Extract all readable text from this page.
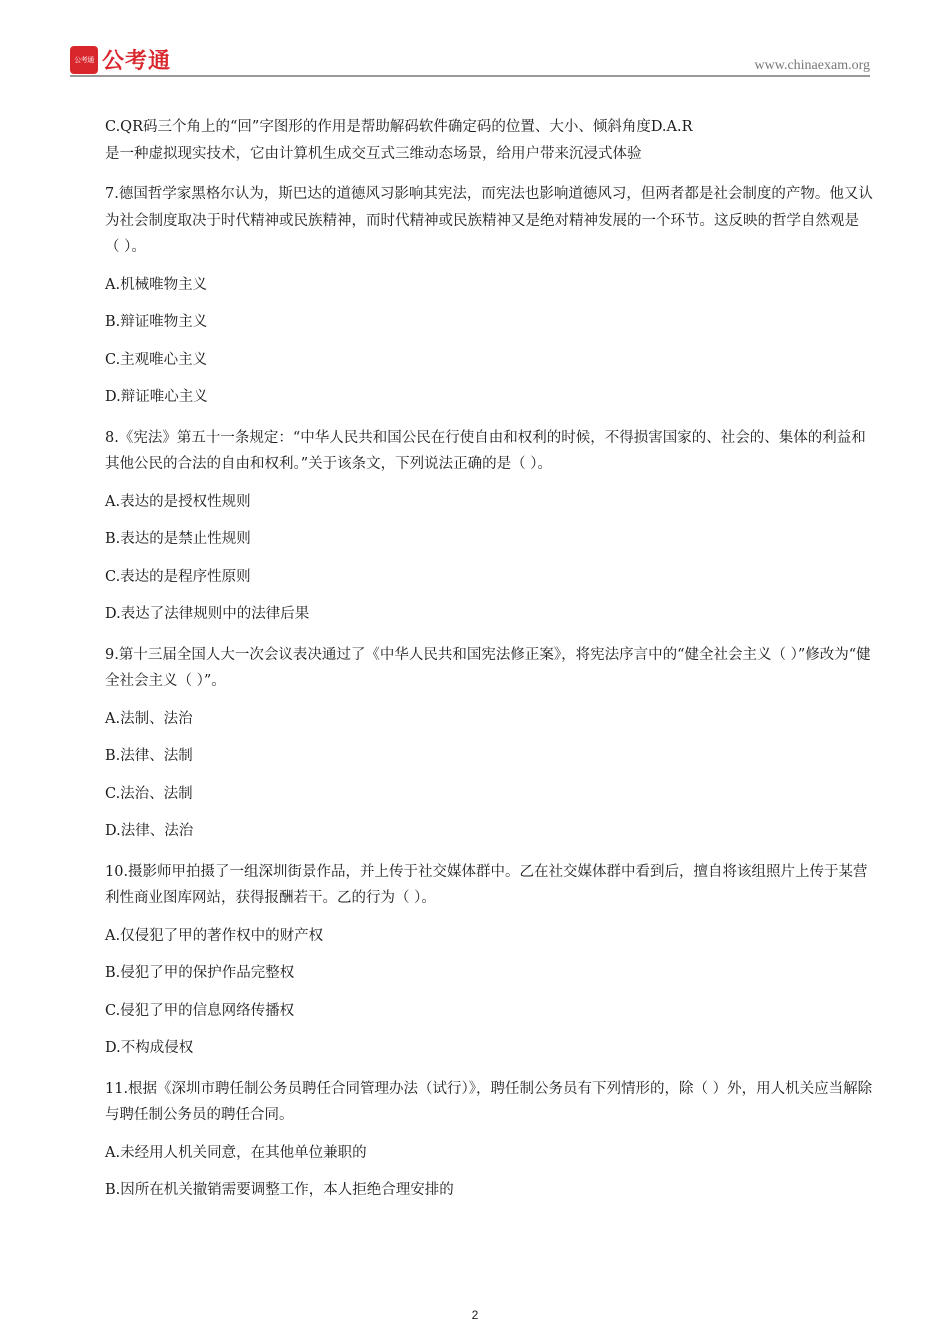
公考通 公考通	www.chinaexam.org

C.QR码三个角上的“回”字图形的作用是帮助解码软件确定码的位置、大小、倾斜角度D.A.R

是一种虚拟现实技术，它由计算机生成交互式三维动态场景，给用户带来沉浸式体验

7.德国哲学家黑格尔认为，斯巴达的道德风习影响其宪法，而宪法也影响道德风习，但两者都是社会制度的产物。他又认为社会制度取决于时代精神或民族精神，而时代精神或民族精神又是绝对精神发展的一个环节。这反映的哲学自然观是（ ）。

A.机械唯物主义

B.辩证唯物主义

C.主观唯心主义

D.辩证唯心主义

8.《宪法》第五十一条规定：“中华人民共和国公民在行使自由和权利的时候，不得损害国家的、社会的、集体的利益和其他公民的合法的自由和权利。”关于该条文，下列说法正确的是（ ）。

A.表达的是授权性规则

B.表达的是禁止性规则

C.表达的是程序性原则

D.表达了法律规则中的法律后果

9.第十三届全国人大一次会议表决通过了《中华人民共和国宪法修正案》，将宪法序言中的“健全社会主义（ ）”修改为“健全社会主义（ ）”。

A.法制、法治

B.法律、法制

C.法治、法制

D.法律、法治

10.摄影师甲拍摄了一组深圳街景作品，并上传于社交媒体群中。乙在社交媒体群中看到后，擅自将该组照片上传于某营利性商业图库网站，获得报酬若干。乙的行为（ ）。

A.仅侵犯了甲的著作权中的财产权

B.侵犯了甲的保护作品完整权

C.侵犯了甲的信息网络传播权

D.不构成侵权

11.根据《深圳市聘任制公务员聘任合同管理办法（试行）》，聘任制公务员有下列情形的，除（ ）外，用人机关应当解除与聘任制公务员的聘任合同。

A.未经用人机关同意，在其他单位兼职的

B.因所在机关撤销需要调整工作，本人拒绝合理安排的

2
